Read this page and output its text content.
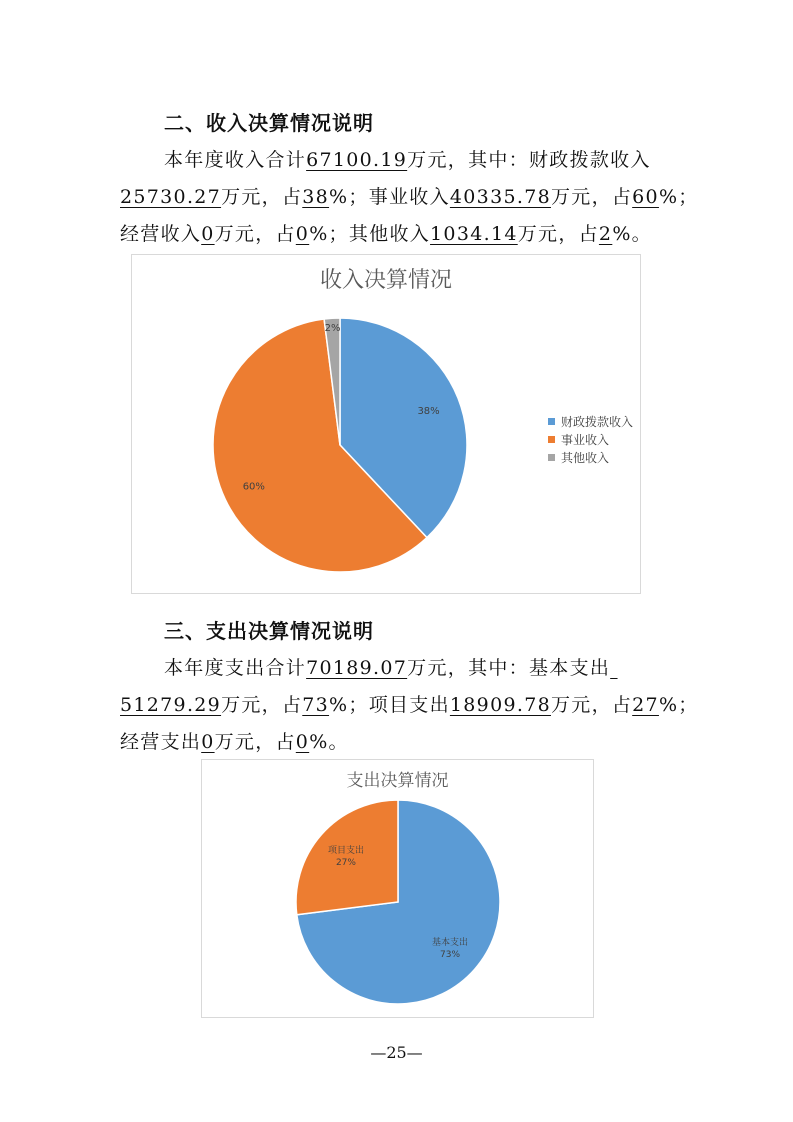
二、收入决算情况说明
本年度收入合计67100.19万元，其中：财政拨款收入
25730.27万元，占38%；事业收入40335.78万元，占60%；
经营收入0万元，占0%；其他收入1034.14万元，占2%。
收入决算情况
38%
60%
2%
财政拨款收入
事业收入
其他收入
三、支出决算情况说明
本年度支出合计70189.07万元，其中：基本支出
51279.29万元，占73%；项目支出18909.78万元，占27%；
经营支出0万元，占0%。
支出决算情况
基本支出
73%
项目支出
27%
—25—
